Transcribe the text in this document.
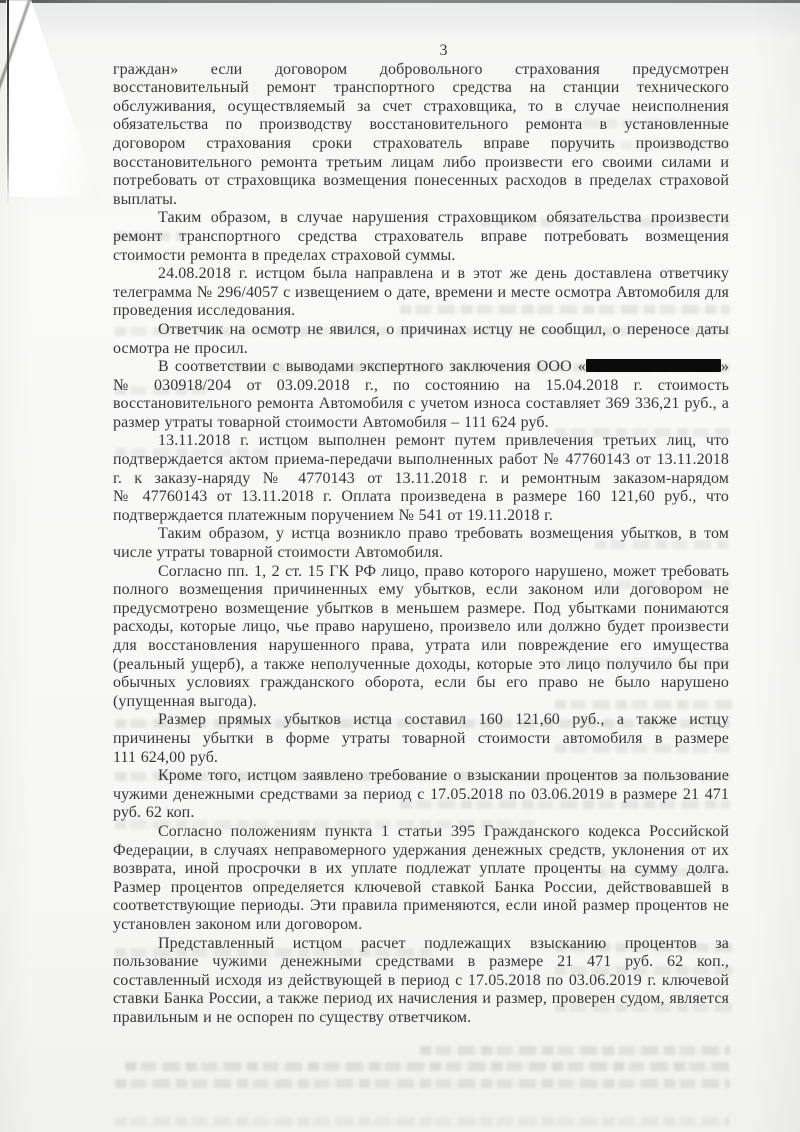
3

граждан» если договором добровольного страхования предусмотрен восстановительный ремонт транспортного средства на станции технического обслуживания, осуществляемый за счет страховщика, то в случае неисполнения обязательства по производству восстановительного ремонта в установленные договором страхования сроки страхователь вправе поручить производство восстановительного ремонта третьим лицам либо произвести его своими силами и потребовать от страховщика возмещения понесенных расходов в пределах страховой выплаты.

Таким образом, в случае нарушения страховщиком обязательства произвести ремонт транспортного средства страхователь вправе потребовать возмещения стоимости ремонта в пределах страховой суммы.

24.08.2018 г. истцом была направлена и в этот же день доставлена ответчику телеграмма № 296/4057 с извещением о дате, времени и месте осмотра Автомобиля для проведения исследования.

Ответчик на осмотр не явился, о причинах истцу не сообщил, о переносе даты осмотра не просил.

В соответствии с выводами экспертного заключения ООО «	» № 030918/204 от 03.09.2018 г., по состоянию на 15.04.2018 г. стоимость восстановительного ремонта Автомобиля с учетом износа составляет 369 336,21 руб., а размер утраты товарной стоимости Автомобиля – 111 624 руб.

13.11.2018 г. истцом выполнен ремонт путем привлечения третьих лиц, что подтверждается актом приема-передачи выполненных работ № 47760143 от 13.11.2018 г. к заказу-наряду № 4770143 от 13.11.2018 г. и ремонтным заказом-нарядом № 47760143 от 13.11.2018 г. Оплата произведена в размере 160 121,60 руб., что подтверждается платежным поручением № 541 от 19.11.2018 г.

Таким образом, у истца возникло право требовать возмещения убытков, в том числе утраты товарной стоимости Автомобиля.

Согласно пп. 1, 2 ст. 15 ГК РФ лицо, право которого нарушено, может требовать полного возмещения причиненных ему убытков, если законом или договором не предусмотрено возмещение убытков в меньшем размере. Под убытками понимаются расходы, которые лицо, чье право нарушено, произвело или должно будет произвести для восстановления нарушенного права, утрата или повреждение его имущества (реальный ущерб), а также неполученные доходы, которые это лицо получило бы при обычных условиях гражданского оборота, если бы его право не было нарушено (упущенная выгода).

Размер прямых убытков истца составил 160 121,60 руб., а также истцу причинены убытки в форме утраты товарной стоимости автомобиля в размере 111 624,00 руб.

Кроме того, истцом заявлено требование о взыскании процентов за пользование чужими денежными средствами за период с 17.05.2018 по 03.06.2019 в размере 21 471 руб. 62 коп.

Согласно положениям пункта 1 статьи 395 Гражданского кодекса Российской Федерации, в случаях неправомерного удержания денежных средств, уклонения от их возврата, иной просрочки в их уплате подлежат уплате проценты на сумму долга. Размер процентов определяется ключевой ставкой Банка России, действовавшей в соответствующие периоды. Эти правила применяются, если иной размер процентов не установлен законом или договором.

Представленный истцом расчет подлежащих взысканию процентов за пользование чужими денежными средствами в размере 21 471 руб. 62 коп., составленный исходя из действующей в период с 17.05.2018 по 03.06.2019 г. ключевой ставки Банка России, а также период их начисления и размер, проверен судом, является правильным и не оспорен по существу ответчиком.
